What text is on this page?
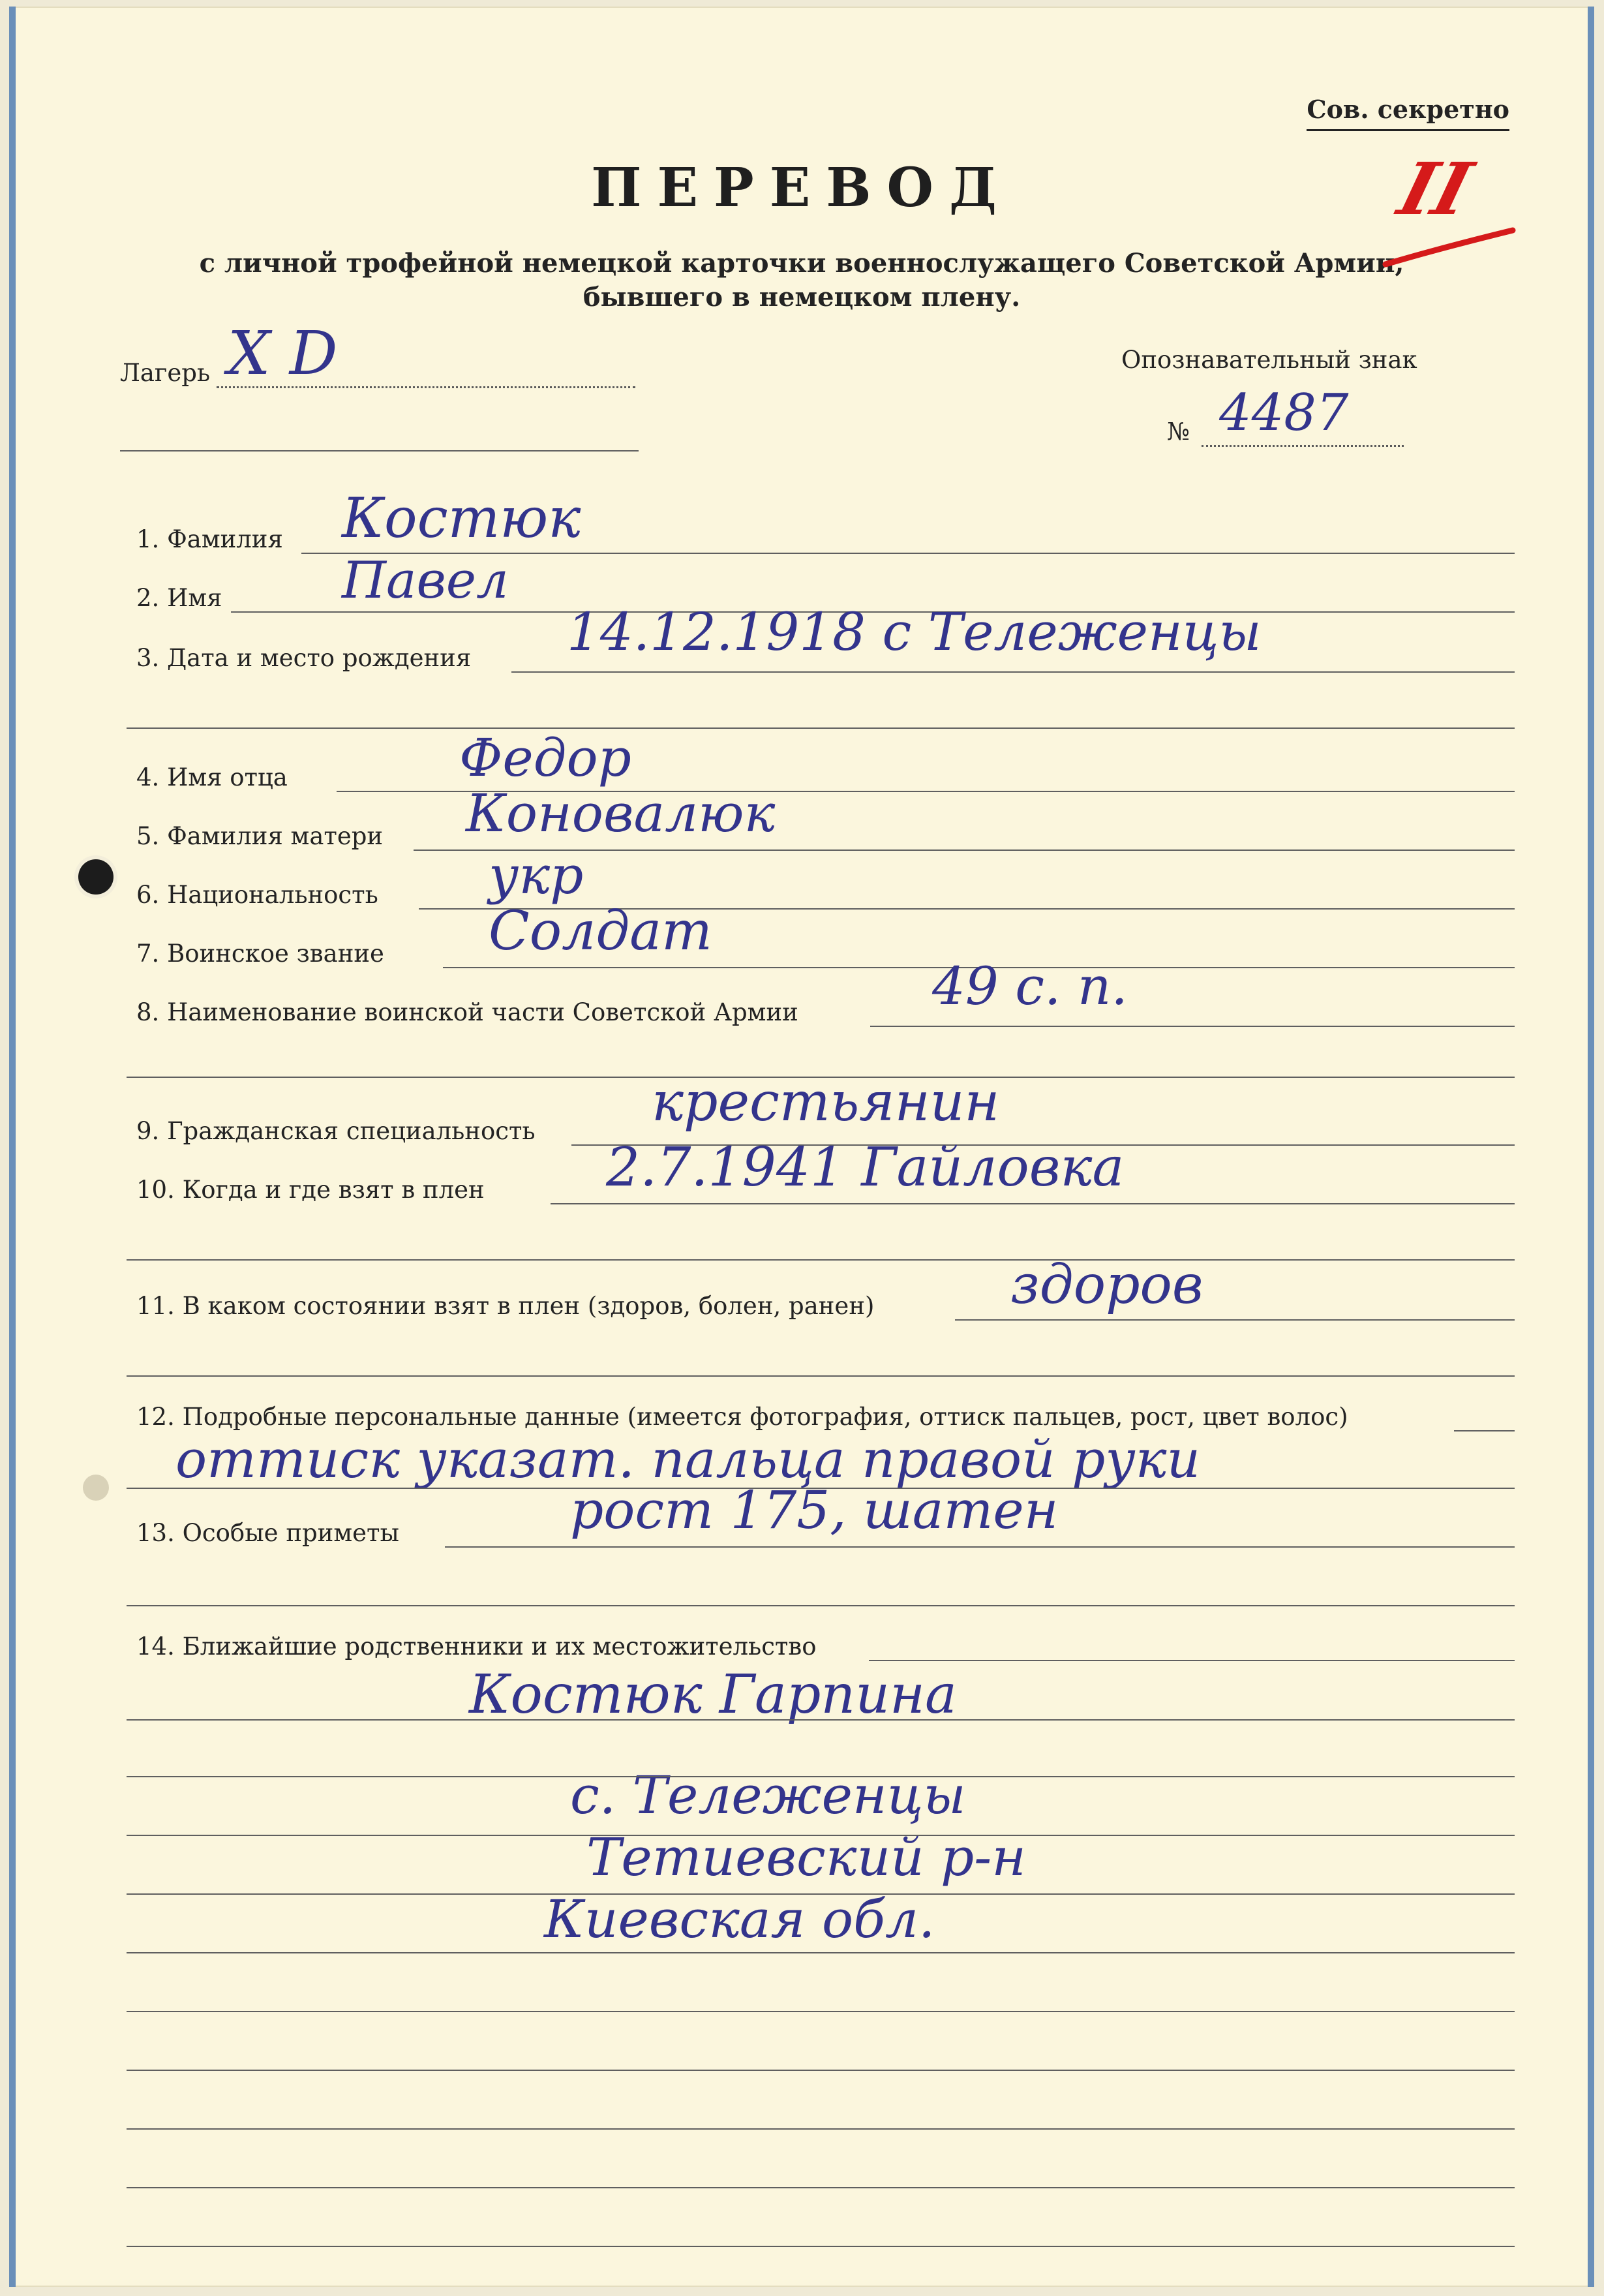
Сов. секретно
ПЕРЕВОД
с личной трофейной немецкой карточки военнослужащего Советской Армии,
бывшего в немецком плену.
II
Лагерь Х D	Опознавательный знак
№ 4487
1. Фамилия Костюк
2. Имя Павел
3. Дата и место рождения 14.12.1918 с Тележенцы
4. Имя отца	Федор
5. Фамилия матери Коновалюк
6. Национальность укр
7. Воинское звание Солдат
8. Наименование воинской части Советской Армии	49 с. п.
9. Гражданская специальность крестьянин
10. Когда и где взят в плен 2.7.1941 Гайловка
11. В каком состоянии взят в плен (здоров, болен, ранен)	здоров
12. Подробные персональные данные (имеется фотография, оттиск пальцев, рост, цвет волос)
оттиск указат. пальца правой руки
13. Особые приметы	рост 175, шатен
14. Ближайшие родственники и их местожительство
Костюк Гарпина
с. Тележенцы
Тетиевский р-н
Киевская обл.
